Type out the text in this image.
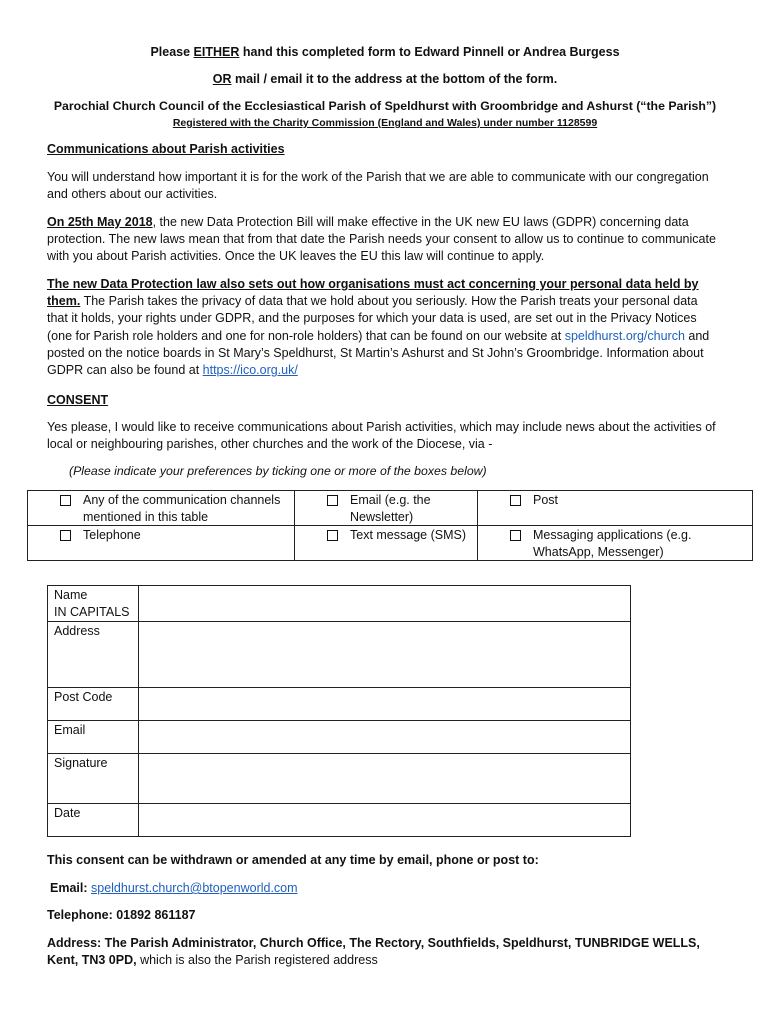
Please EITHER hand this completed form to Edward Pinnell or Andrea Burgess
OR mail / email it to the address at the bottom of the form.
Parochial Church Council of the Ecclesiastical Parish of Speldhurst with Groombridge and Ashurst (“the Parish”)
Registered with the Charity Commission (England and Wales) under number 1128599
Communications about Parish activities
You will understand how important it is for the work of the Parish that we are able to communicate with our congregation and others about our activities.
On 25th May 2018, the new Data Protection Bill will make effective in the UK new EU laws (GDPR) concerning data protection. The new laws mean that from that date the Parish needs your consent to allow us to continue to communicate with you about Parish activities. Once the UK leaves the EU this law will continue to apply.
The new Data Protection law also sets out how organisations must act concerning your personal data held by them. The Parish takes the privacy of data that we hold about you seriously. How the Parish treats your personal data that it holds, your rights under GDPR, and the purposes for which your data is used, are set out in the Privacy Notices (one for Parish role holders and one for non-role holders) that can be found on our website at speldhurst.org/church and posted on the notice boards in St Mary’s Speldhurst, St Martin’s Ashurst and St John’s Groombridge. Information about GDPR can also be found at https://ico.org.uk/
CONSENT
Yes please, I would like to receive communications about Parish activities, which may include news about the activities of local or neighbouring parishes, other churches and the work of the Diocese, via -
(Please indicate your preferences by ticking one or more of the boxes below)
Any of the communication channels mentioned in this table	Email (e.g. the Newsletter)	Post

Telephone	Text message (SMS)	Messaging applications (e.g. WhatsApp, Messenger)
Name
IN CAPITALS	

Address	
Post Code	
Email	
Signature	
Date	
This consent can be withdrawn or amended at any time by email, phone or post to:
Email: speldhurst.church@btopenworld.com
Telephone: 01892 861187
Address: The Parish Administrator, Church Office, The Rectory, Southfields, Speldhurst, TUNBRIDGE WELLS, Kent, TN3 0PD, which is also the Parish registered address
